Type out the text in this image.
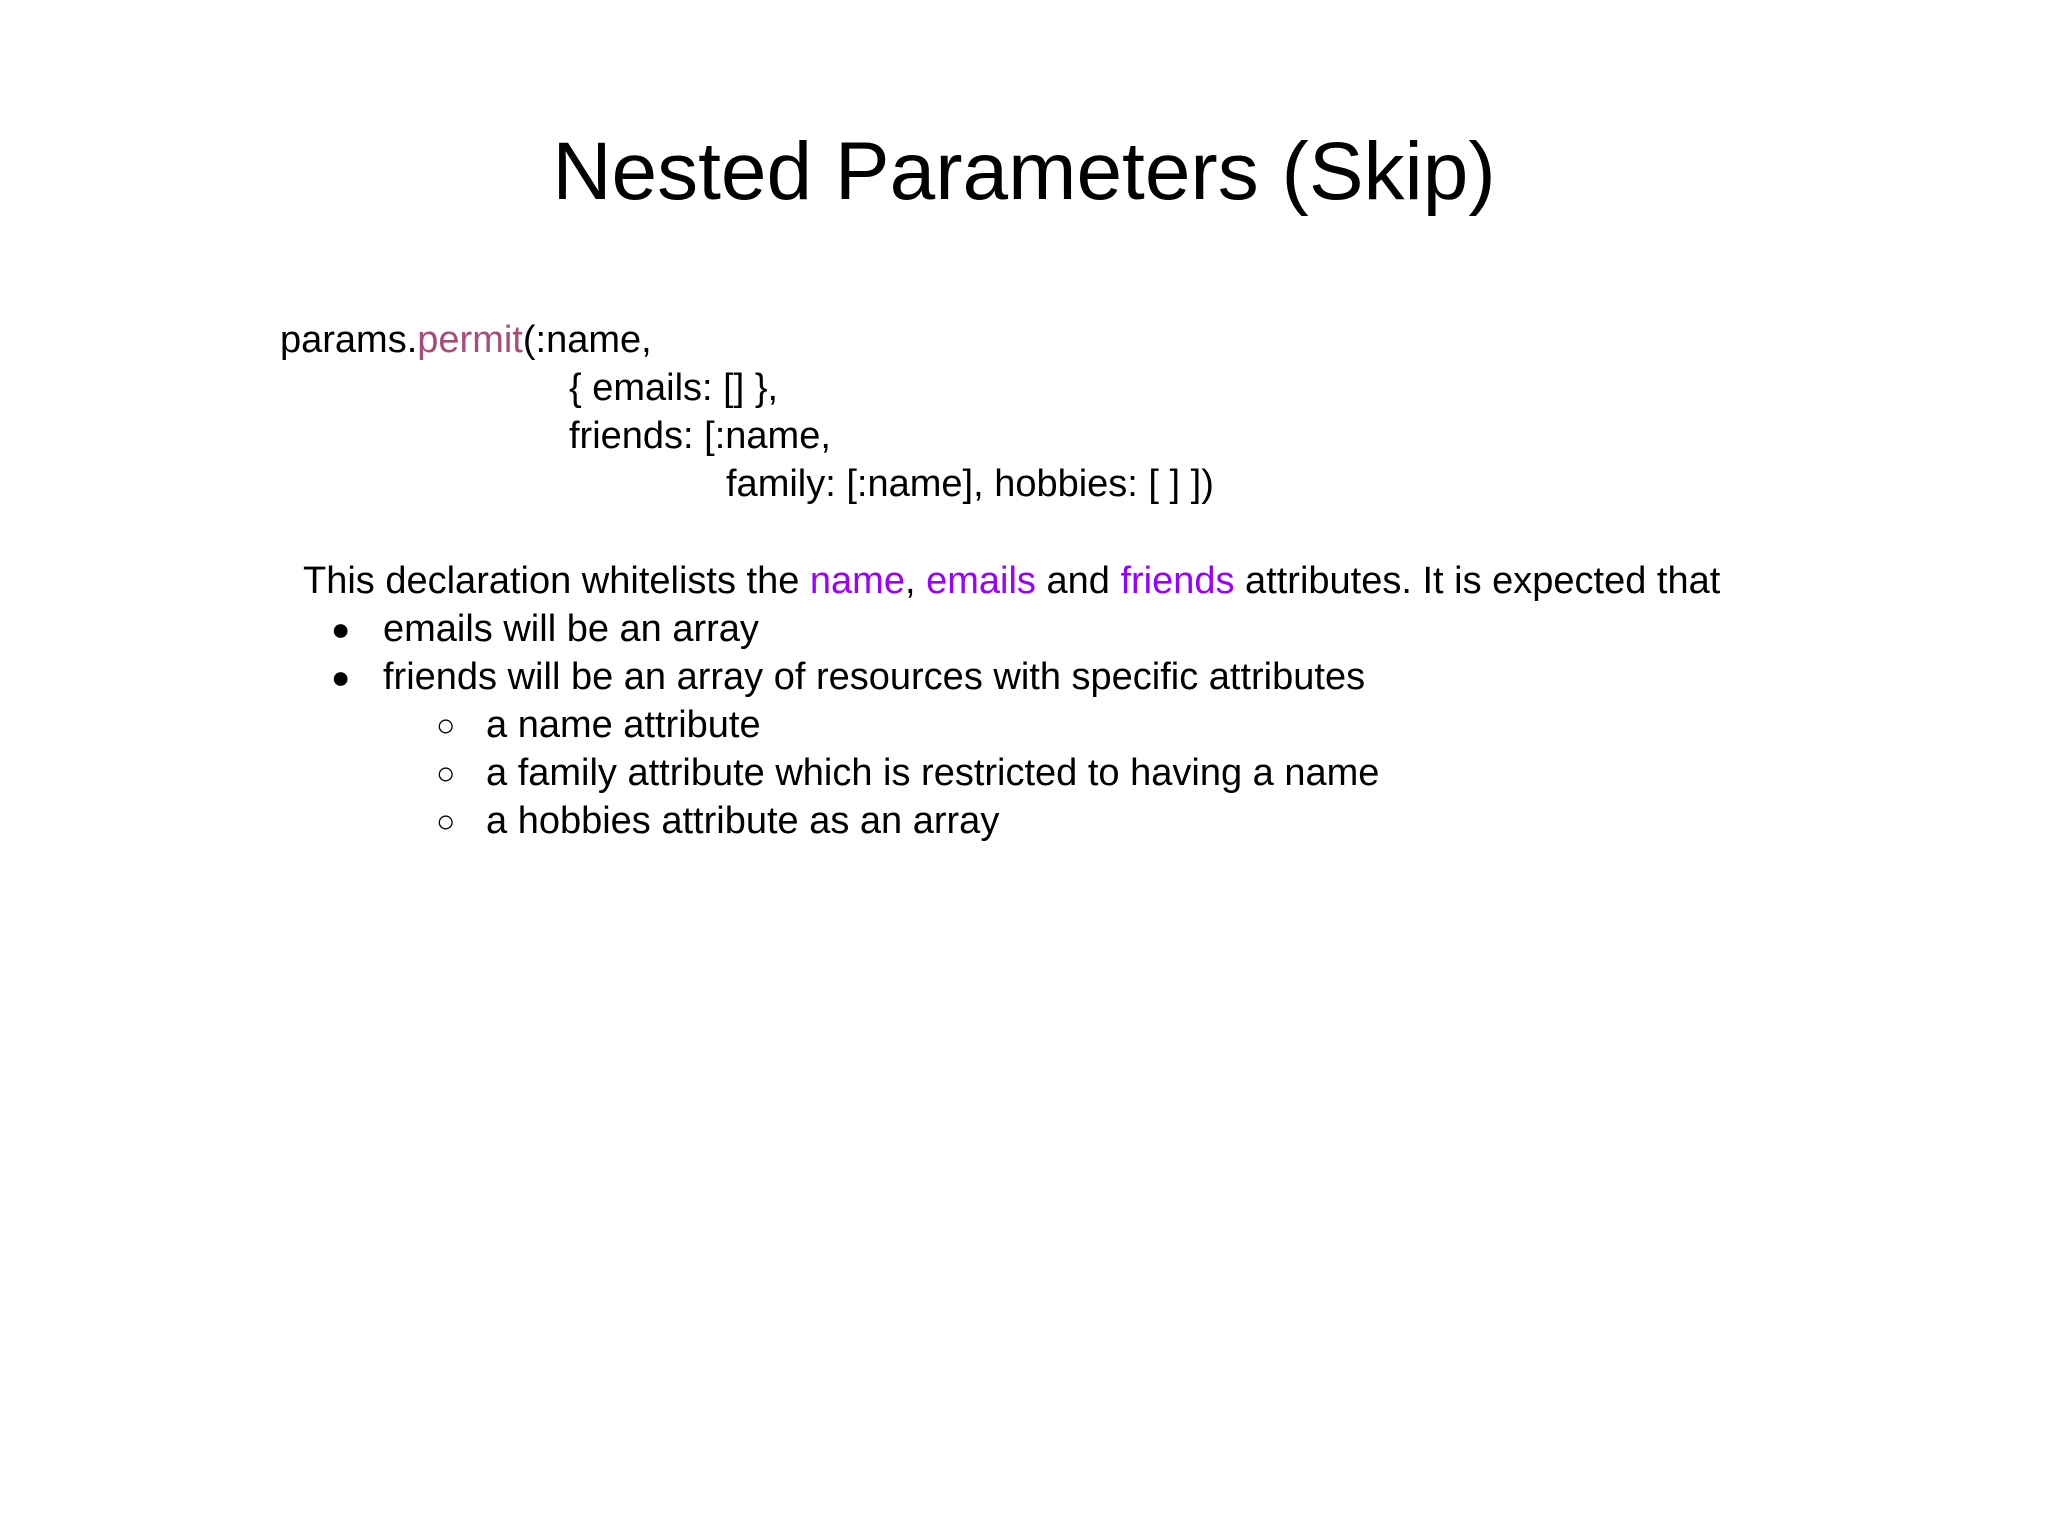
Nested Parameters (Skip)
params.permit(:name,
{ emails: [] },
friends: [:name,
family: [:name], hobbies: [ ] ])
This declaration whitelists the name, emails and friends attributes. It is expected that
● emails will be an array
● friends will be an array of resources with specific attributes
○ a name attribute
○ a family attribute which is restricted to having a name
○ a hobbies attribute as an array
